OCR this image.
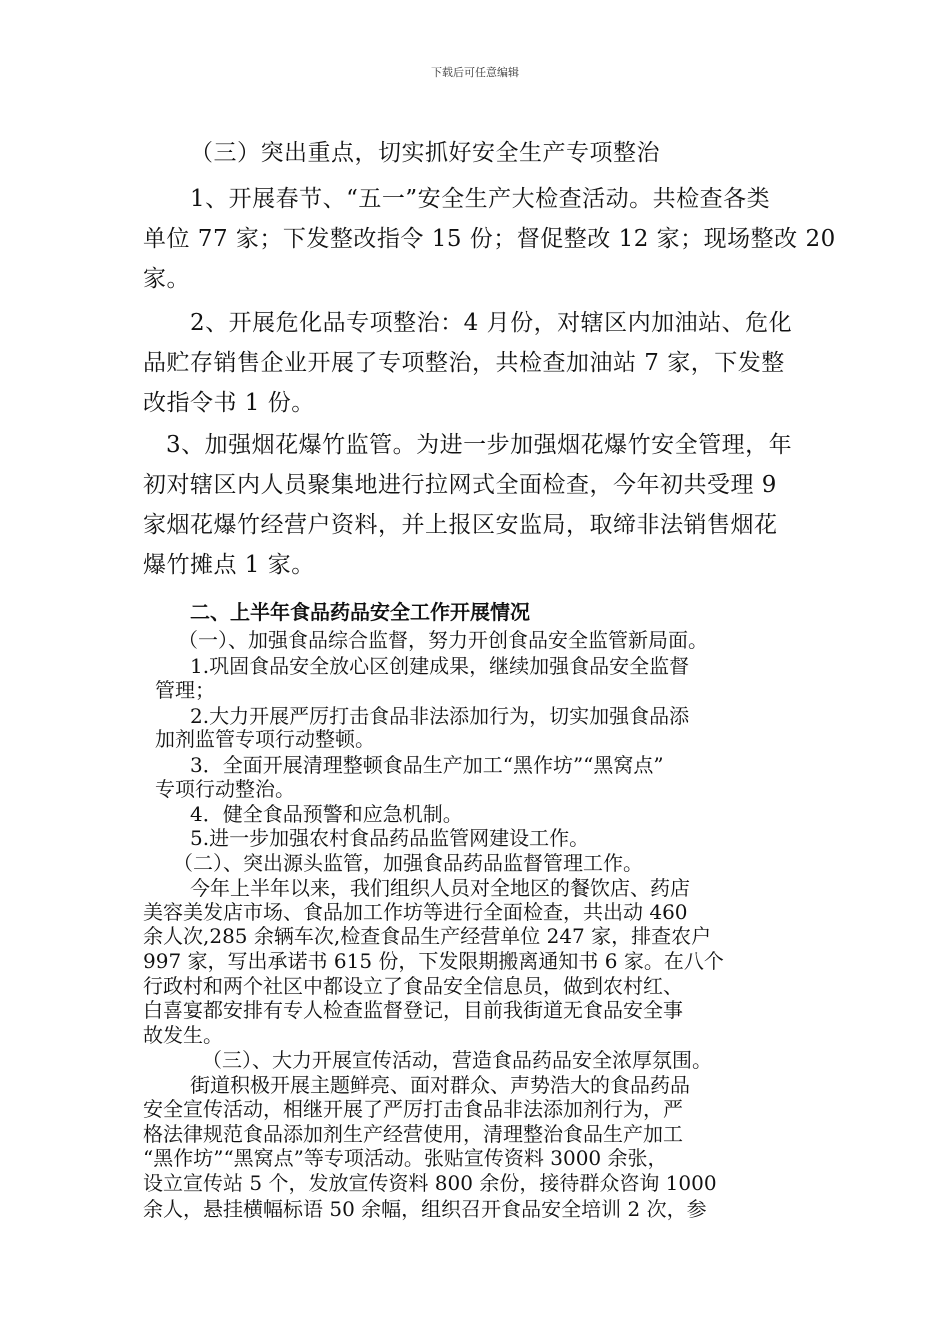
下载后可任意编辑
（三）突出重点，切实抓好安全生产专项整治
1、开展春节、“五一”安全生产大检查活动。共检查各类
单位 77 家；下发整改指令 15 份；督促整改 12 家；现场整改 20
家。
2、开展危化品专项整治：4 月份，对辖区内加油站、危化
品贮存销售企业开展了专项整治，共检查加油站 7 家，下发整
改指令书 1 份。
3、加强烟花爆竹监管。为进一步加强烟花爆竹安全管理，年
初对辖区内人员聚集地进行拉网式全面检查，今年初共受理 9
家烟花爆竹经营户资料，并上报区安监局，取缔非法销售烟花
爆竹摊点 1 家。
二、上半年食品药品安全工作开展情况
（一）、加强食品综合监督，努力开创食品安全监管新局面。
1.巩固食品安全放心区创建成果，继续加强食品安全监督
管理；
2.大力开展严厉打击食品非法添加行为，切实加强食品添
加剂监管专项行动整顿。
3．全面开展清理整顿食品生产加工“黑作坊”“黑窝点”
专项行动整治。
4．健全食品预警和应急机制。
5.进一步加强农村食品药品监管网建设工作。
（二）、突出源头监管，加强食品药品监督管理工作。
今年上半年以来，我们组织人员对全地区的餐饮店、药店
美容美发店市场、食品加工作坊等进行全面检查，共出动 460
余人次,285 余辆车次,检查食品生产经营单位 247 家，排查农户
997 家，写出承诺书 615 份，下发限期搬离通知书 6 家。在八个
行政村和两个社区中都设立了食品安全信息员，做到农村红、
白喜宴都安排有专人检查监督登记，目前我街道无食品安全事
故发生。
（三）、大力开展宣传活动，营造食品药品安全浓厚氛围。
街道积极开展主题鲜亮、面对群众、声势浩大的食品药品
安全宣传活动，相继开展了严厉打击食品非法添加剂行为，严
格法律规范食品添加剂生产经营使用，清理整治食品生产加工
“黑作坊”“黑窝点”等专项活动。张贴宣传资料 3000 余张，
设立宣传站 5 个，发放宣传资料 800 余份，接待群众咨询 1000
余人，悬挂横幅标语 50 余幅，组织召开食品安全培训 2 次，参
